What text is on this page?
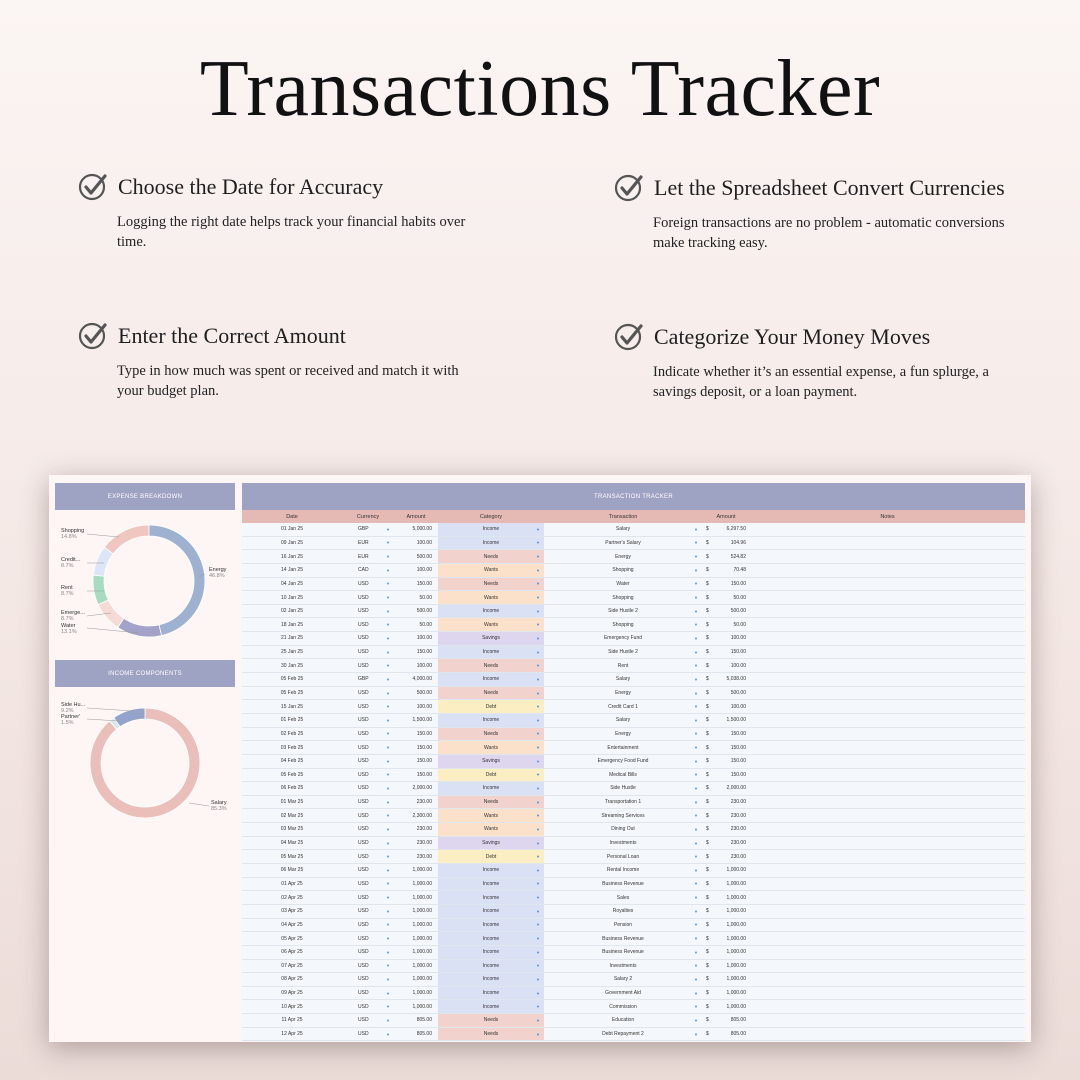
Transactions Tracker
Choose the Date for Accuracy
Logging the right date helps track your financial habits over time.
Let the Spreadsheet Convert Currencies
Foreign transactions are no problem - automatic conversions make tracking easy.
Enter the Correct Amount
Type in how much was spent or received and match it with your budget plan.
Categorize Your Money Moves
Indicate whether it’s an essential expense, a fun splurge, a savings deposit, or a loan payment.
EXPENSE BREAKDOWN
Shopping
14.8%
Credit...
8.7%
Rent
8.7%
Emerge...
8.7%
Water
13.1%
Energy
46.8%
INCOME COMPONENTS
Side Hu...
9.2%
Partner'
1.5%
Salary
85.3%
TRANSACTION TRACKER
Date	Currency	Amount	Category	Transaction	Amount	Notes
01 Jan 25	GBP	▼	5,000.00	Income	▼	Salary	▼ $	6,297.50
09 Jan 25	EUR	▼	100.00	Income	▼	Partner's Salary	▼ $	104.96
16 Jan 25	EUR	▼	500.00	Needs	▼	Energy	▼ $	524.82
14 Jan 25	CAD	▼	100.00	Wants	▼	Shopping	▼ $	70.48
04 Jan 25	USD	▼	150.00	Needs	▼	Water	▼ $	150.00
10 Jan 25	USD	▼	50.00	Wants	▼	Shopping	▼ $	50.00
02 Jan 25	USD	▼	500.00	Income	▼	Side Hustle 2	▼ $	500.00
18 Jan 25	USD	▼	50.00	Wants	▼	Shopping	▼ $	50.00
21 Jan 25	USD	▼	100.00	Savings	▼	Emergency Fund	▼ $	100.00
25 Jan 25	USD	▼	150.00	Income	▼	Side Hustle 2	▼ $	150.00
30 Jan 25	USD	▼	100.00	Needs	▼	Rent	▼ $	100.00
05 Feb 25	GBP	▼	4,000.00	Income	▼	Salary	▼ $	5,038.00
05 Feb 25	USD	▼	500.00	Needs	▼	Energy	▼ $	500.00
15 Jan 25	USD	▼	100.00	Debt	▼	Credit Card 1	▼ $	100.00
01 Feb 25	USD	▼	1,500.00	Income	▼	Salary	▼ $	1,500.00
02 Feb 25	USD	▼	150.00	Needs	▼	Energy	▼ $	150.00
03 Feb 25	USD	▼	150.00	Wants	▼	Entertainment	▼ $	150.00
04 Feb 25	USD	▼	150.00	Savings	▼	Emergency Food Fund	▼ $	150.00
05 Feb 25	USD	▼	150.00	Debt	▼	Medical Bills	▼ $	150.00
06 Feb 25	USD	▼	2,000.00	Income	▼	Side Hustle	▼ $	2,000.00
01 Mar 25	USD	▼	230.00	Needs	▼	Transportation 1	▼ $	230.00
02 Mar 25	USD	▼	2,300.00	Wants	▼	Streaming Services	▼ $	230.00
03 Mar 25	USD	▼	230.00	Wants	▼	Dining Out	▼ $	230.00
04 Mar 25	USD	▼	230.00	Savings	▼	Investments	▼ $	230.00
05 Mar 25	USD	▼	230.00	Debt	▼	Personal Loan	▼ $	230.00
06 Mar 25	USD	▼	1,000.00	Income	▼	Rental Income	▼ $	1,000.00
01 Apr 25	USD	▼	1,000.00	Income	▼	Business Revenue	▼ $	1,000.00
02 Apr 25	USD	▼	1,000.00	Income	▼	Sales	▼ $	1,000.00
03 Apr 25	USD	▼	1,000.00	Income	▼	Royalties	▼ $	1,000.00
04 Apr 25	USD	▼	1,000.00	Income	▼	Pension	▼ $	1,000.00
05 Apr 25	USD	▼	1,000.00	Income	▼	Business Revenue	▼ $	1,000.00
06 Apr 25	USD	▼	1,000.00	Income	▼	Business Revenue	▼ $	1,000.00
07 Apr 25	USD	▼	1,000.00	Income	▼	Investments	▼ $	1,000.00
08 Apr 25	USD	▼	1,000.00	Income	▼	Salary 2	▼ $	1,000.00
09 Apr 25	USD	▼	1,000.00	Income	▼	Government Aid	▼ $	1,000.00
10 Apr 25	USD	▼	1,000.00	Income	▼	Commission	▼ $	1,000.00
11 Apr 25	USD	▼	805.00	Needs	▼	Education	▼ $	805.00
12 Apr 25	USD	▼	805.00	Needs	▼	Debt Repayment 2	▼ $	805.00
